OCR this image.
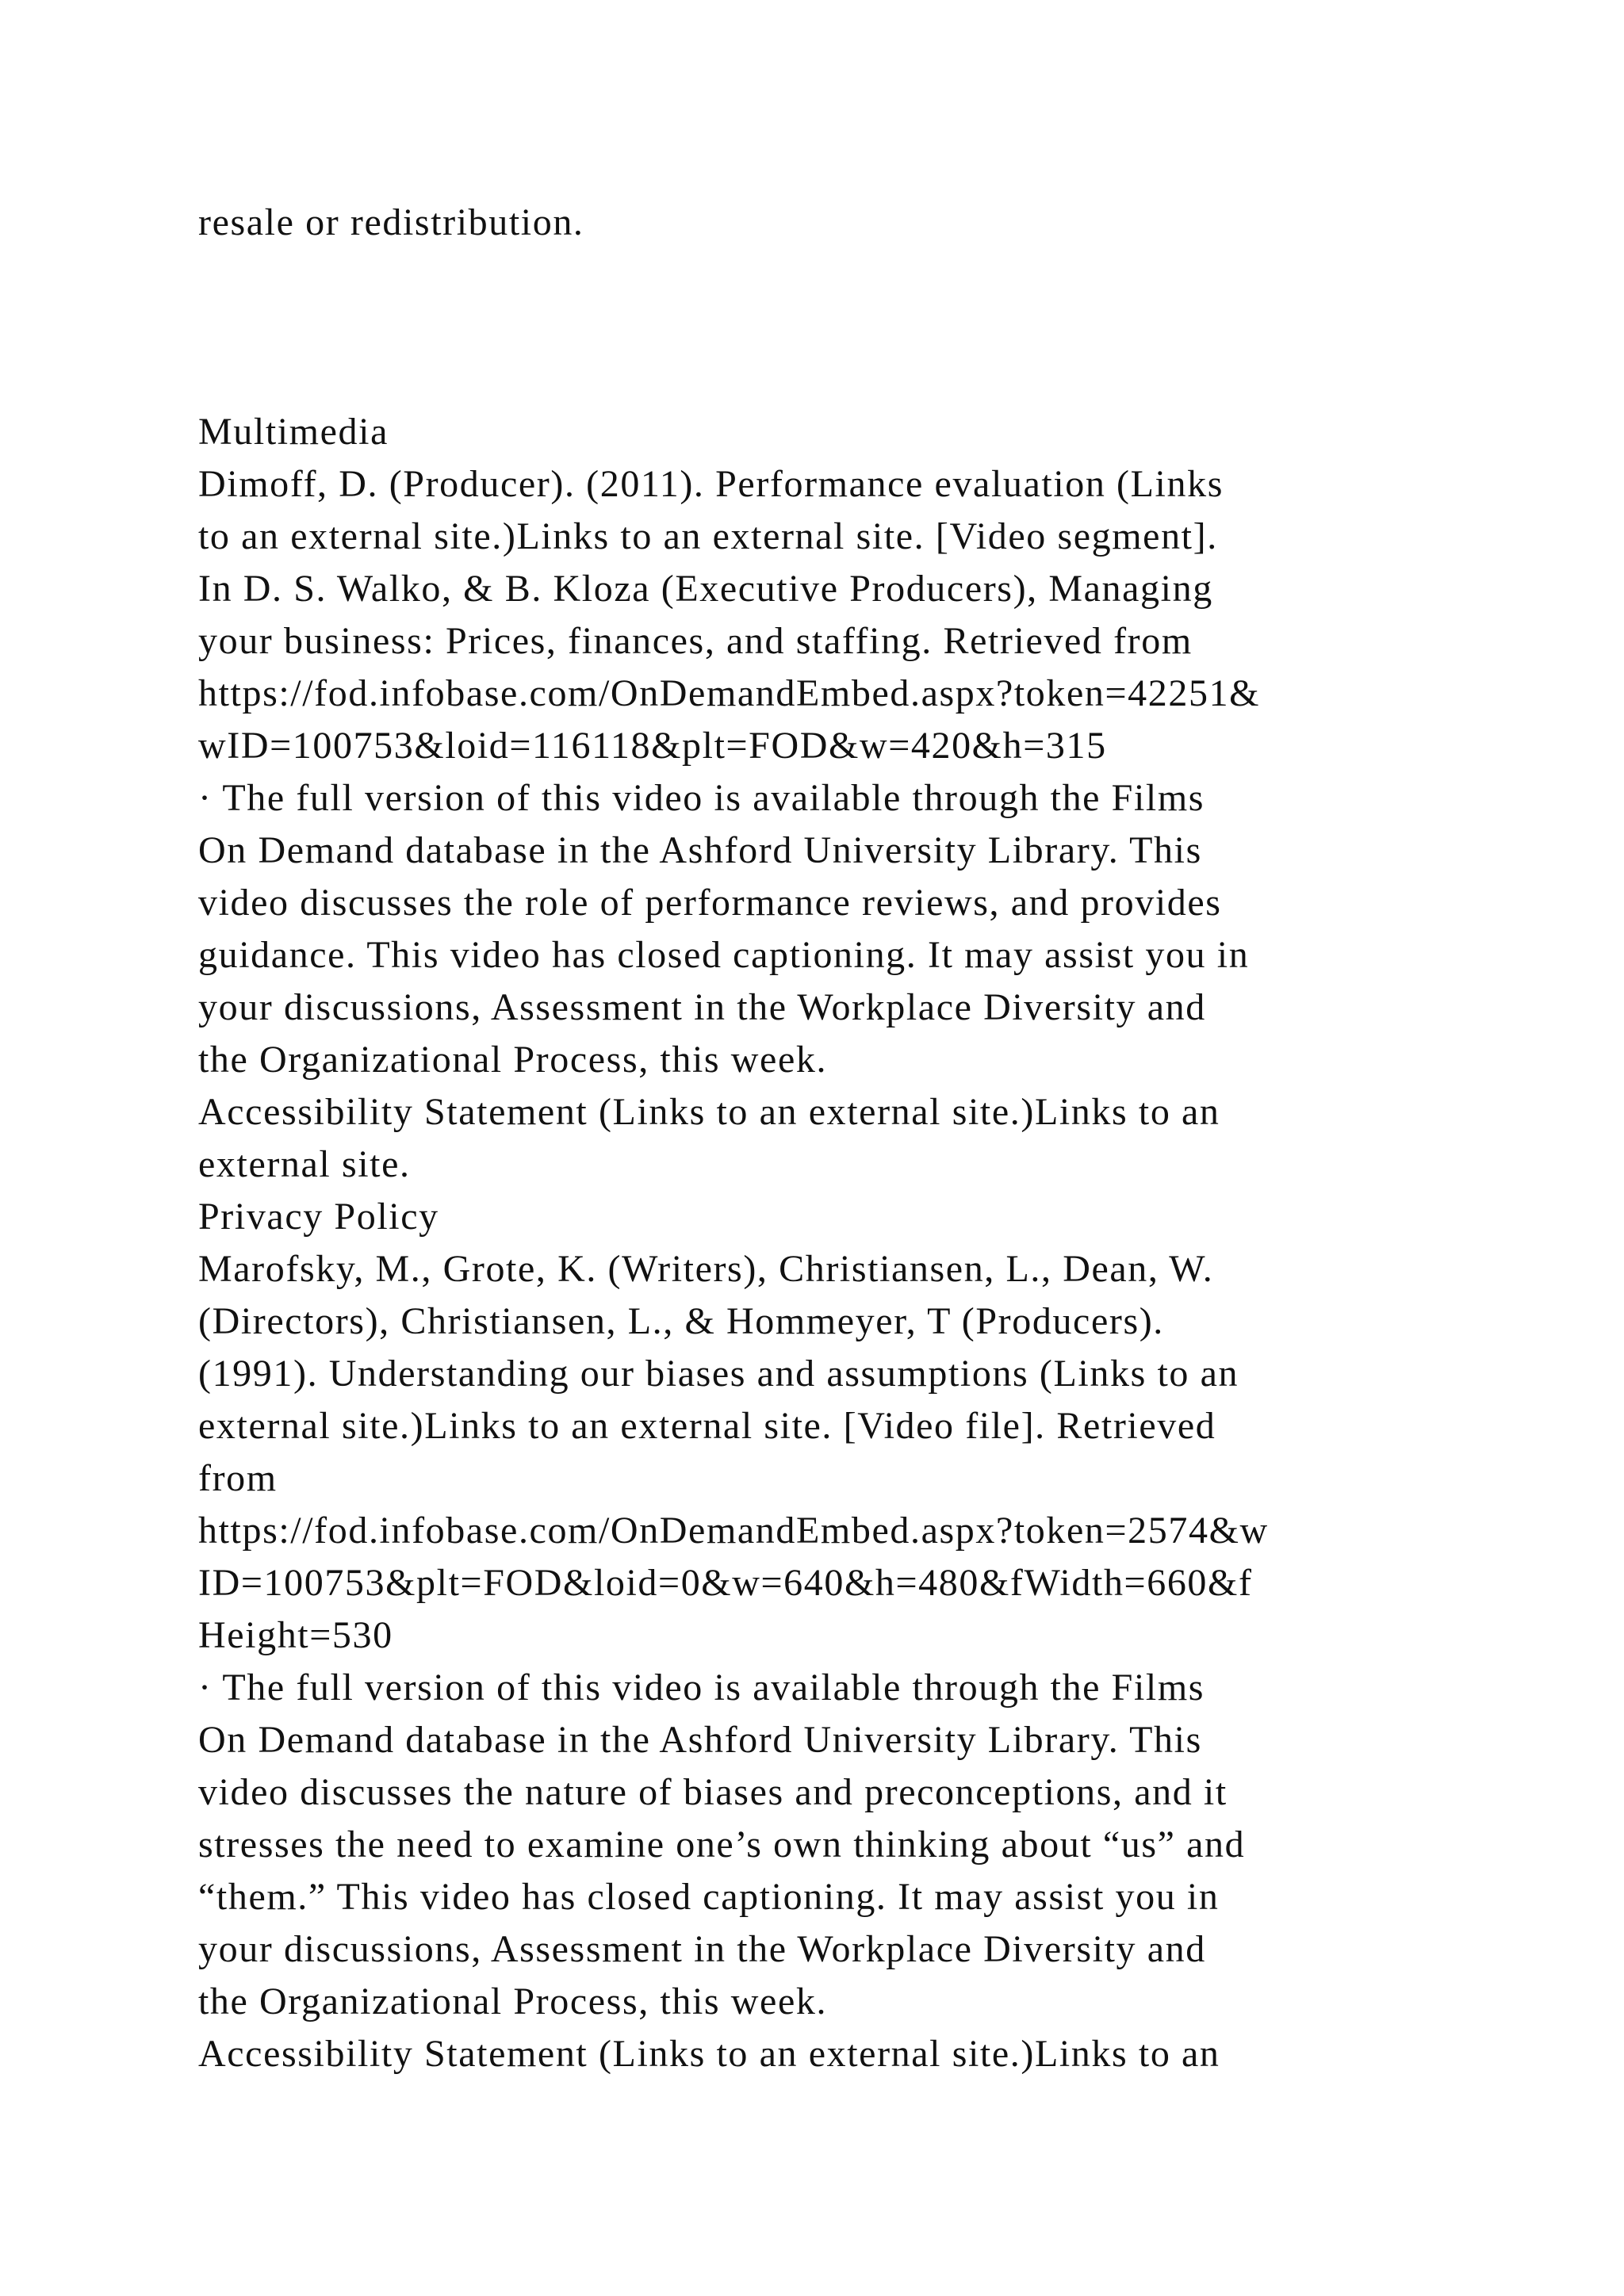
resale or redistribution.

Multimedia

Dimoff, D. (Producer). (2011). Performance evaluation (Links

to an external site.)Links to an external site. [Video segment].

In D. S. Walko, & B. Kloza (Executive Producers), Managing

your business: Prices, finances, and staffing. Retrieved from

https://fod.infobase.com/OnDemandEmbed.aspx?token=42251&

wID=100753&loid=116118&plt=FOD&w=420&h=315

· The full version of this video is available through the Films

On Demand database in the Ashford University Library. This

video discusses the role of performance reviews, and provides

guidance. This video has closed captioning. It may assist you in

your discussions, Assessment in the Workplace Diversity and

the Organizational Process, this week.

Accessibility Statement (Links to an external site.)Links to an

external site.

Privacy Policy

Marofsky, M., Grote, K. (Writers), Christiansen, L., Dean, W.

(Directors), Christiansen, L., & Hommeyer, T (Producers).

(1991). Understanding our biases and assumptions (Links to an

external site.)Links to an external site. [Video file]. Retrieved

from

https://fod.infobase.com/OnDemandEmbed.aspx?token=2574&w

ID=100753&plt=FOD&loid=0&w=640&h=480&fWidth=660&f

Height=530

· The full version of this video is available through the Films

On Demand database in the Ashford University Library. This

video discusses the nature of biases and preconceptions, and it

stresses the need to examine one’s own thinking about “us” and

“them.” This video has closed captioning. It may assist you in

your discussions, Assessment in the Workplace Diversity and

the Organizational Process, this week.

Accessibility Statement (Links to an external site.)Links to an
